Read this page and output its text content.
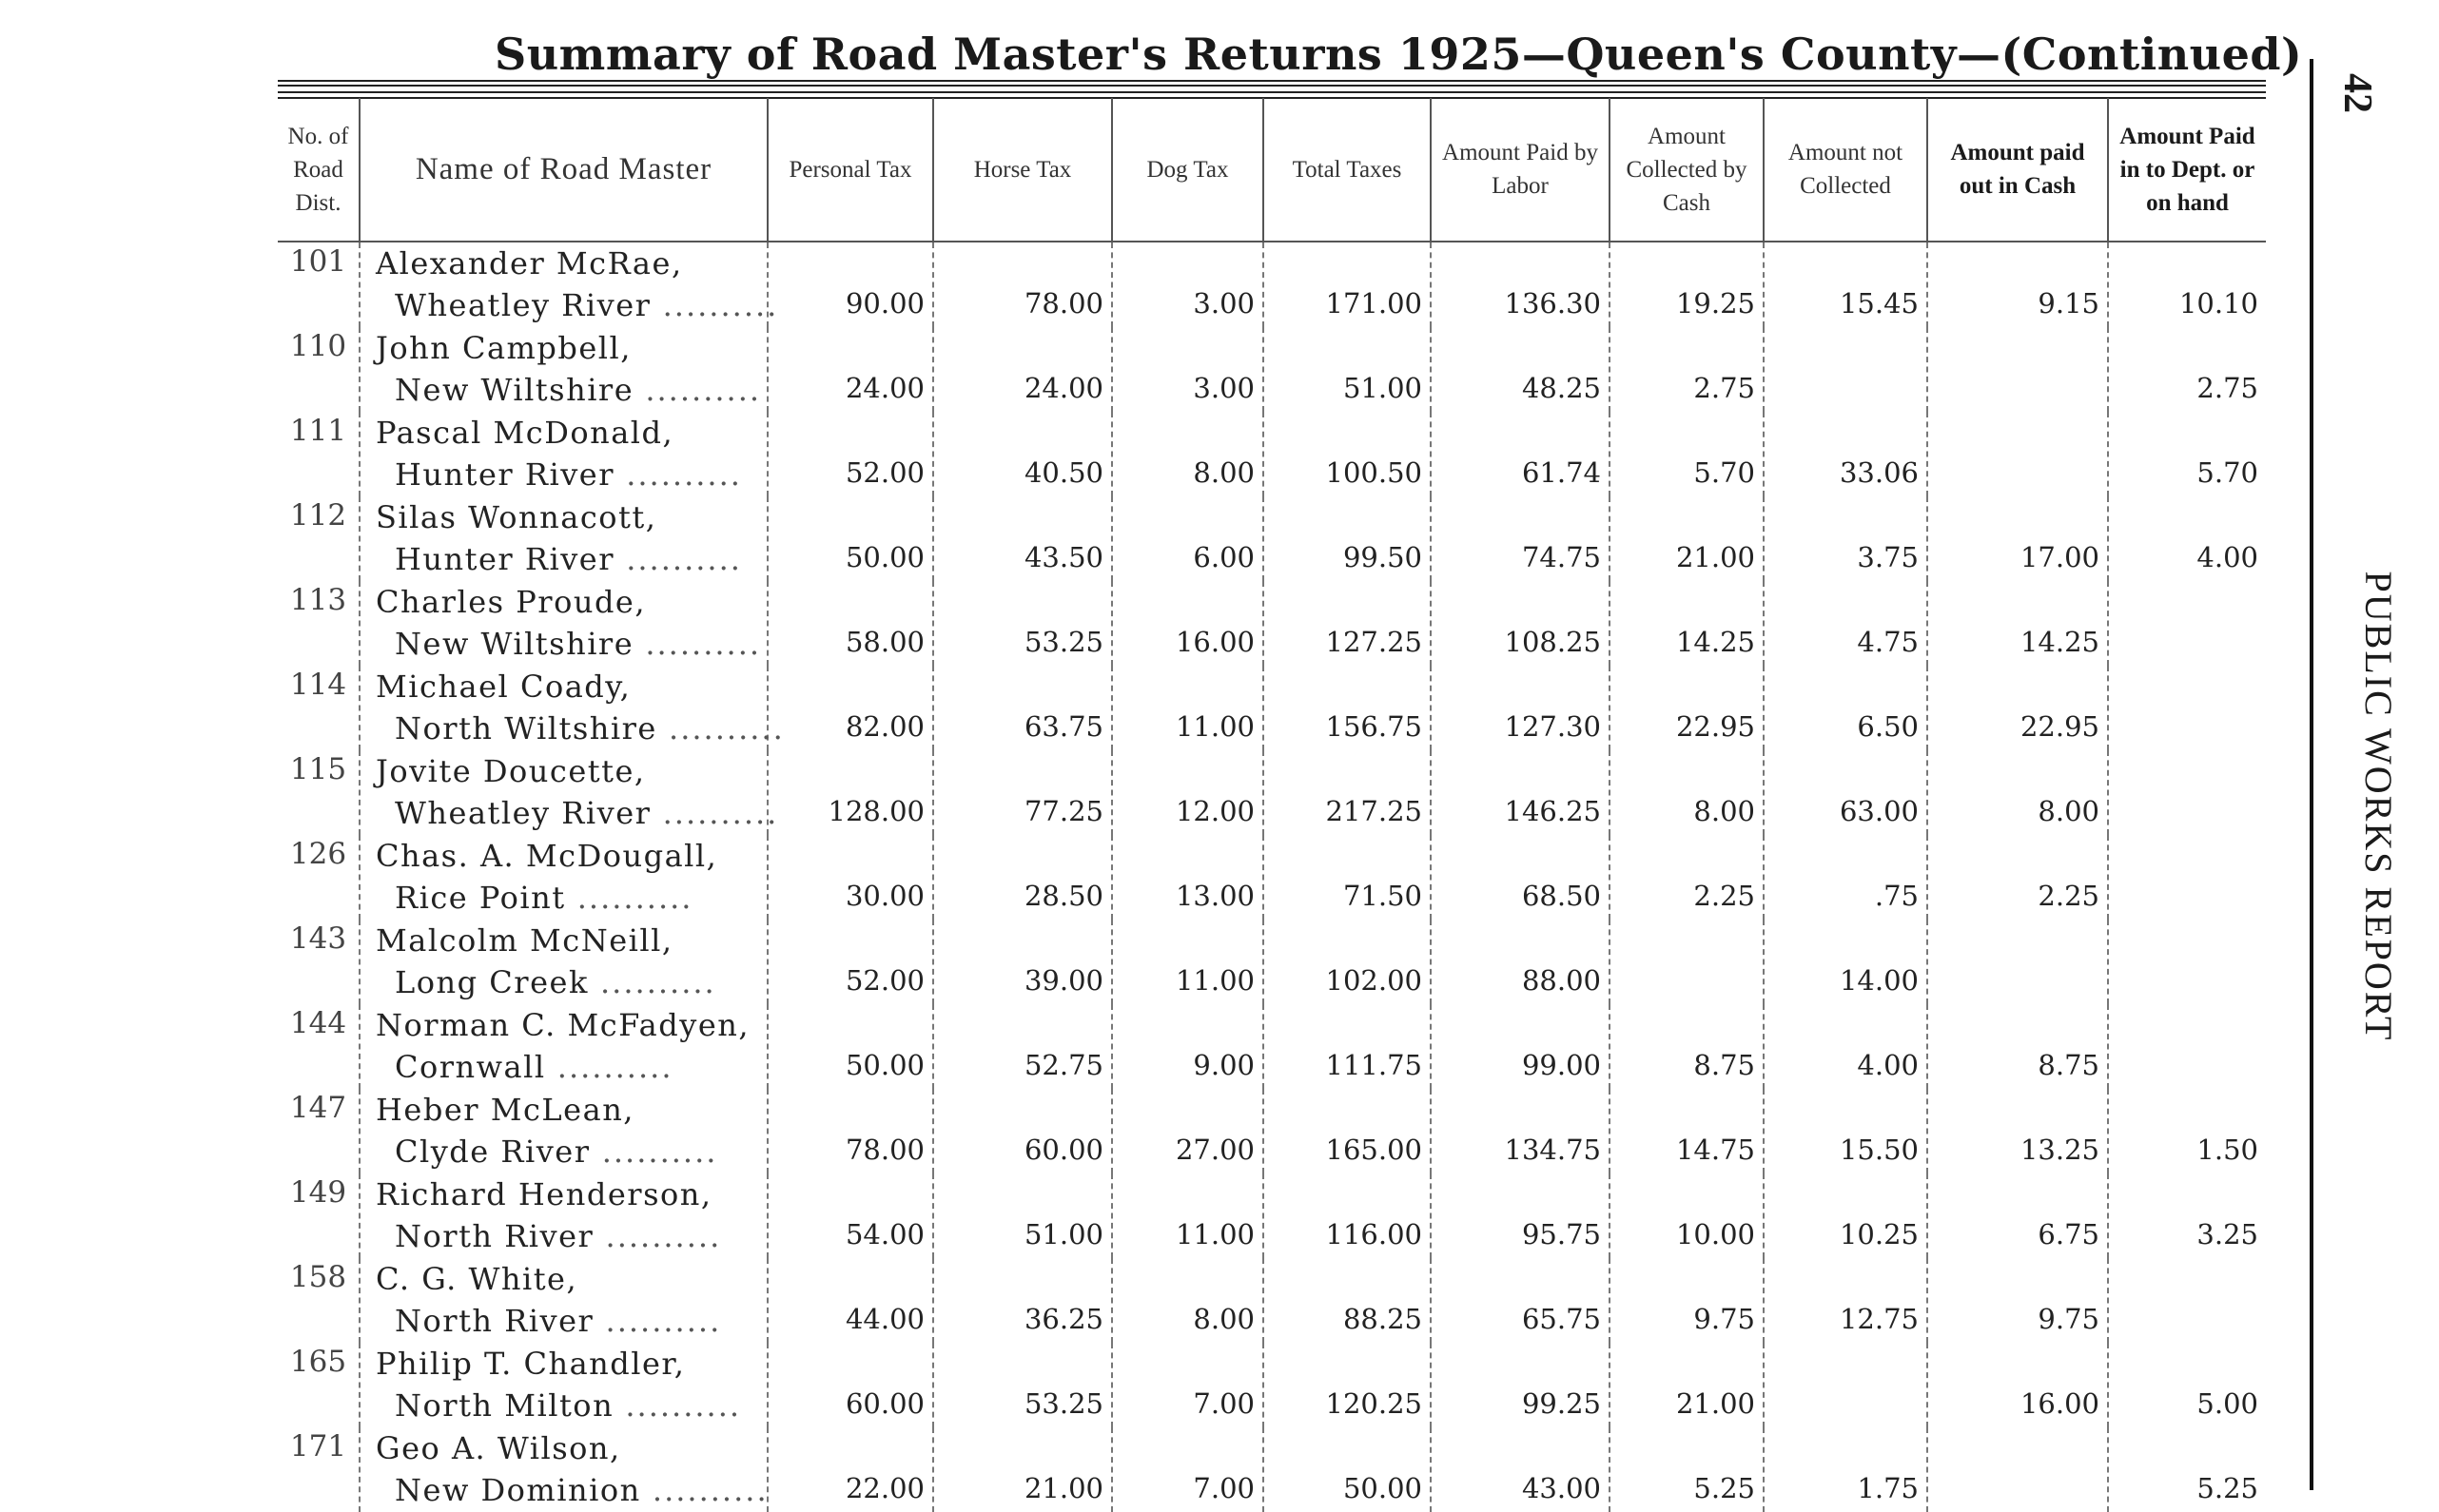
Summary of Road Master's Returns 1925—Queen's County—(Continued)
No. of Road Dist.	Name of Road Master	Personal Tax	Horse Tax	Dog Tax	Total Taxes	Amount Paid by Labor	Amount Collected by Cash	Amount not Collected	Amount paid out in Cash	Amount Paid in to Dept. or on hand
101	Alexander McRae,
Wheatley River ..........	90.00	78.00	3.00	171.00	136.30	19.25	15.45	9.15	10.10
110	John Campbell,
New Wiltshire ..........	24.00	24.00	3.00	51.00	48.25	2.75			2.75
111	Pascal McDonald,
Hunter River ..........	52.00	40.50	8.00	100.50	61.74	5.70	33.06		5.70
112	Silas Wonnacott,
Hunter River ..........	50.00	43.50	6.00	99.50	74.75	21.00	3.75	17.00	4.00
113	Charles Proude,
New Wiltshire ..........	58.00	53.25	16.00	127.25	108.25	14.25	4.75	14.25	
114	Michael Coady,
North Wiltshire ..........	82.00	63.75	11.00	156.75	127.30	22.95	6.50	22.95	
115	Jovite Doucette,
Wheatley River ..........	128.00	77.25	12.00	217.25	146.25	8.00	63.00	8.00	
126	Chas. A. McDougall,
Rice Point ..........	30.00	28.50	13.00	71.50	68.50	2.25	.75	2.25	
143	Malcolm McNeill,
Long Creek ..........	52.00	39.00	11.00	102.00	88.00		14.00		
144	Norman C. McFadyen,
Cornwall ..........	50.00	52.75	9.00	111.75	99.00	8.75	4.00	8.75	
147	Heber McLean,
Clyde River ..........	78.00	60.00	27.00	165.00	134.75	14.75	15.50	13.25	1.50
149	Richard Henderson,
North River ..........	54.00	51.00	11.00	116.00	95.75	10.00	10.25	6.75	3.25
158	C. G. White,
North River ..........	44.00	36.25	8.00	88.25	65.75	9.75	12.75	9.75	
165	Philip T. Chandler,
North Milton ..........	60.00	53.25	7.00	120.25	99.25	21.00		16.00	5.00
171	Geo A. Wilson,
New Dominion ..........	22.00	21.00	7.00	50.00	43.00	5.25	1.75		5.25
42
PUBLIC WORKS REPORT
